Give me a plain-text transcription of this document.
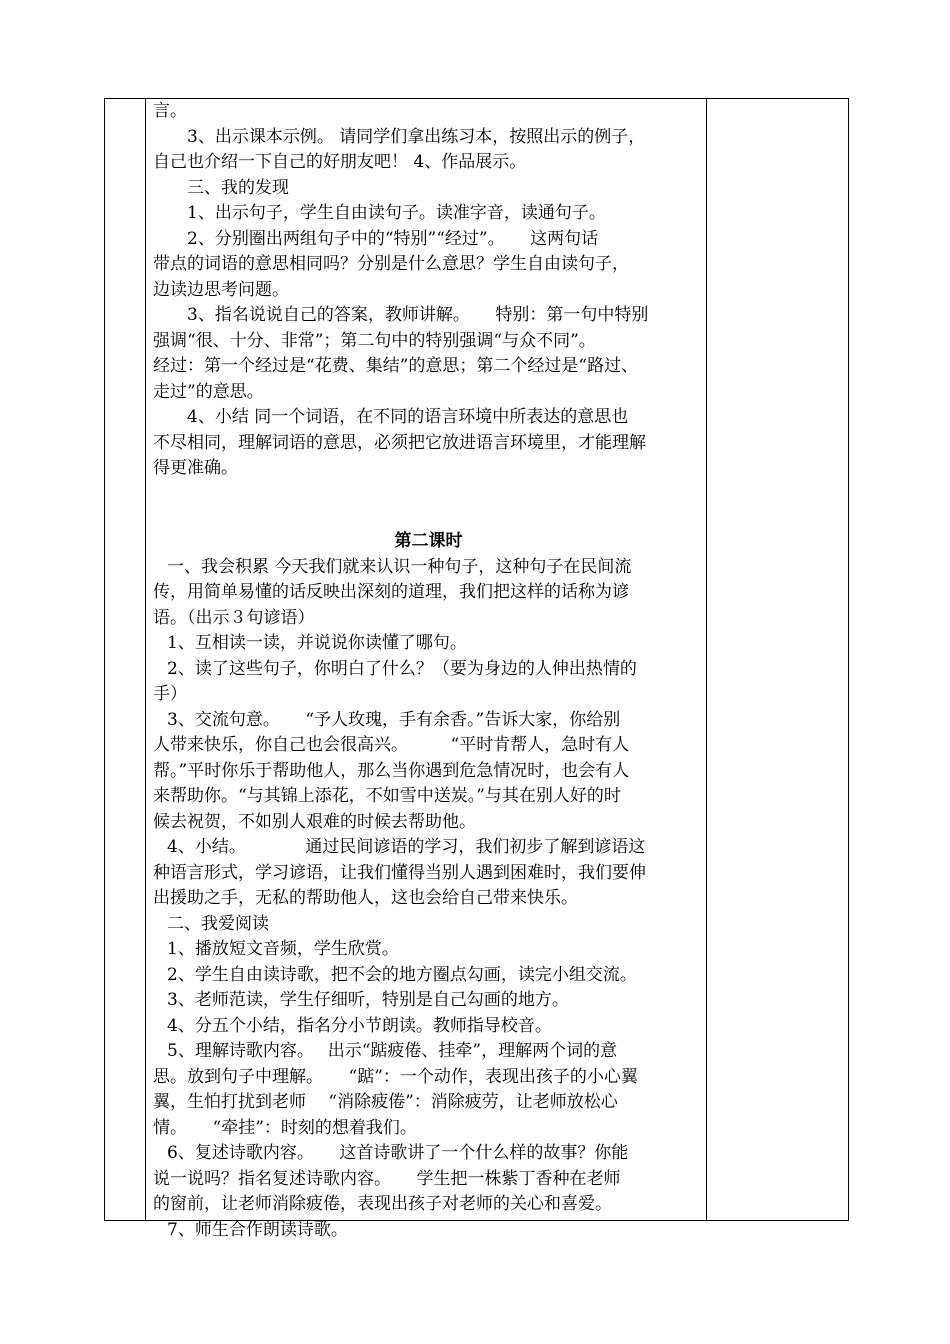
言。
3、出示课本示例。 请同学们拿出练习本，按照出示的例子，
自己也介绍一下自己的好朋友吧！ 4、作品展示。
三、我的发现
1、出示句子，学生自由读句子。读准字音，读通句子。
2、分别圈出两组句子中的“特别”“经过”。　　这两句话
带点的词语的意思相同吗？分别是什么意思？学生自由读句子，
边读边思考问题。
3、指名说说自己的答案，教师讲解。　　特别：第一句中特别
强调“很、十分、非常”；第二句中的特别强调“与众不同”。
经过：第一个经过是“花费、集结”的意思；第二个经过是“路过、
走过”的意思。
4、小结 同一个词语，在不同的语言环境中所表达的意思也
不尽相同，理解词语的意思，必须把它放进语言环境里，才能理解
得更准确。
第二课时
一、我会积累 今天我们就来认识一种句子，这种句子在民间流
传，用简单易懂的话反映出深刻的道理，我们把这样的话称为谚
语。（出示３句谚语）
1、互相读一读，并说说你读懂了哪句。
2、读了这些句子，你明白了什么？（要为身边的人伸出热情的
手）
3、交流句意。　　“予人玫瑰，手有余香。”告诉大家，你给别
人带来快乐，你自己也会很高兴。　　　“平时肯帮人，急时有人
帮。”平时你乐于帮助他人，那么当你遇到危急情况时，也会有人
来帮助你。“与其锦上添花，不如雪中送炭。”与其在别人好的时
候去祝贺，不如别人艰难的时候去帮助他。
4、小结。　　　　通过民间谚语的学习，我们初步了解到谚语这
种语言形式，学习谚语，让我们懂得当别人遇到困难时，我们要伸
出援助之手，无私的帮助他人，这也会给自己带来快乐。
二、我爱阅读
1、播放短文音频，学生欣赏。
2、学生自由读诗歌，把不会的地方圈点勾画，读完小组交流。
3、老师范读，学生仔细听，特别是自己勾画的地方。
4、分五个小结，指名分小节朗读。教师指导校音。
5、理解诗歌内容。　 出示“踮疲倦、挂牵”，理解两个词的意
思。放到句子中理解。　　“踮”：一个动作，表现出孩子的小心翼
翼，生怕打扰到老师　 “消除疲倦”：消除疲劳，让老师放松心
情。　　“牵挂”：时刻的想着我们。
6、复述诗歌内容。　　这首诗歌讲了一个什么样的故事？你能
说一说吗？指名复述诗歌内容。　　学生把一株紫丁香种在老师
的窗前，让老师消除疲倦，表现出孩子对老师的关心和喜爱。
7、师生合作朗读诗歌。
